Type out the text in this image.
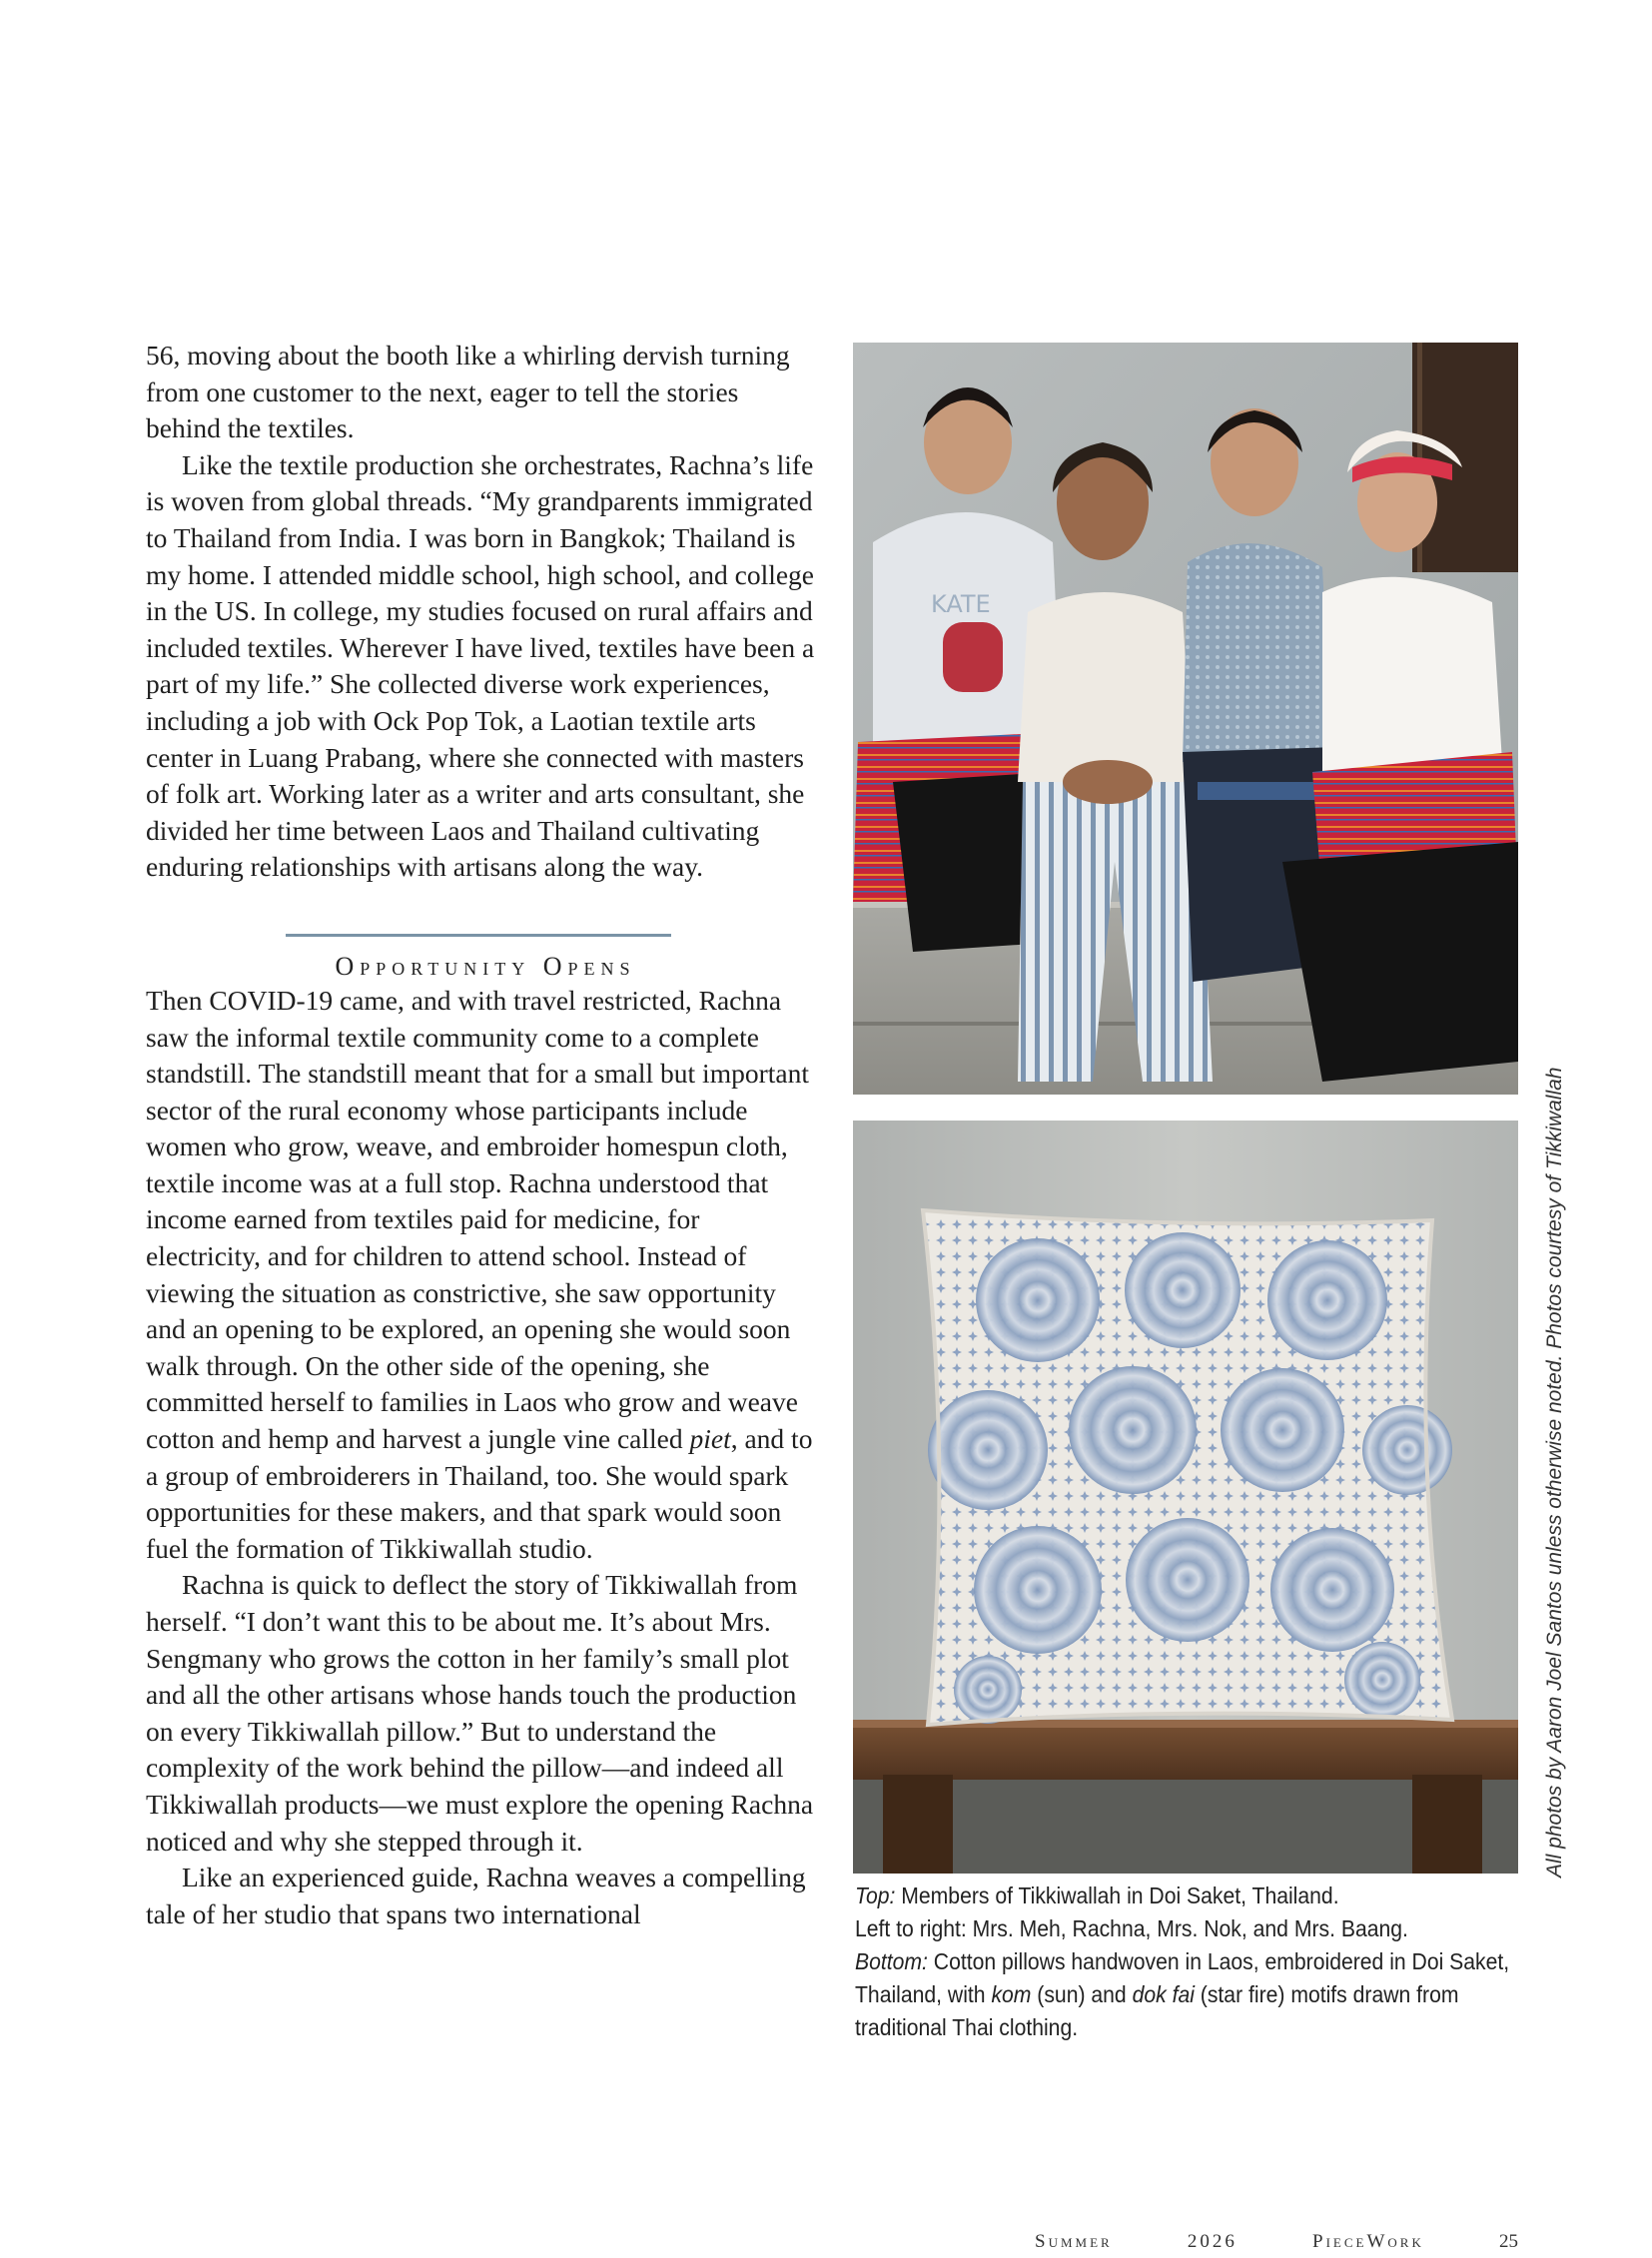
56, moving about the booth like a whirling dervish turning from one customer to the next, eager to tell the stories behind the textiles.

Like the textile production she orchestrates, Rachna’s life is woven from global threads. “My grandparents immigrated to Thailand from India. I was born in Bangkok; Thailand is my home. I attended middle school, high school, and college in the US. In college, my studies focused on rural affairs and included textiles. Wherever I have lived, textiles have been a part of my life.” She collected diverse work experiences, including a job with Ock Pop Tok, a Laotian textile arts center in Luang Prabang, where she connected with masters of folk art. Working later as a writer and arts consultant, she divided her time between Laos and Thailand cultivating enduring relationships with artisans along the way.

Opportunity Opens

Then COVID-19 came, and with travel restricted, Rachna saw the informal textile community come to a complete standstill. The standstill meant that for a small but important sector of the rural economy whose participants include women who grow, weave, and embroider homespun cloth, textile income was at a full stop. Rachna understood that income earned from textiles paid for medicine, for electricity, and for children to attend school. Instead of viewing the situation as constrictive, she saw opportunity and an opening to be explored, an opening she would soon walk through. On the other side of the opening, she committed herself to families in Laos who grow and weave cotton and hemp and harvest a jungle vine called piet, and to a group of embroiderers in Thailand, too. She would spark opportunities for these makers, and that spark would soon fuel the formation of Tikkiwallah studio.

Rachna is quick to deflect the story of Tikkiwallah from herself. “I don’t want this to be about me. It’s about Mrs. Sengmany who grows the cotton in her family’s small plot and all the other artisans whose hands touch the production on every Tikkiwallah pillow.” But to understand the complexity of the work behind the pillow—and indeed all Tikkiwallah products—we must explore the opening Rachna noticed and why she stepped through it.

Like an experienced guide, Rachna weaves a compelling tale of her studio that spans two international

KATE
Top: Members of Tikkiwallah in Doi Saket, Thailand.
Left to right: Mrs. Meh, Rachna, Mrs. Nok, and Mrs. Baang.
Bottom: Cotton pillows handwoven in Laos, embroidered in Doi Saket,
Thailand, with kom (sun) and dok fai (star fire) motifs drawn from
traditional Thai clothing.
All photos by Aaron Joel Santos unless otherwise noted. Photos courtesy of Tikkiwallah
Summer	2026	PieceWork	25
